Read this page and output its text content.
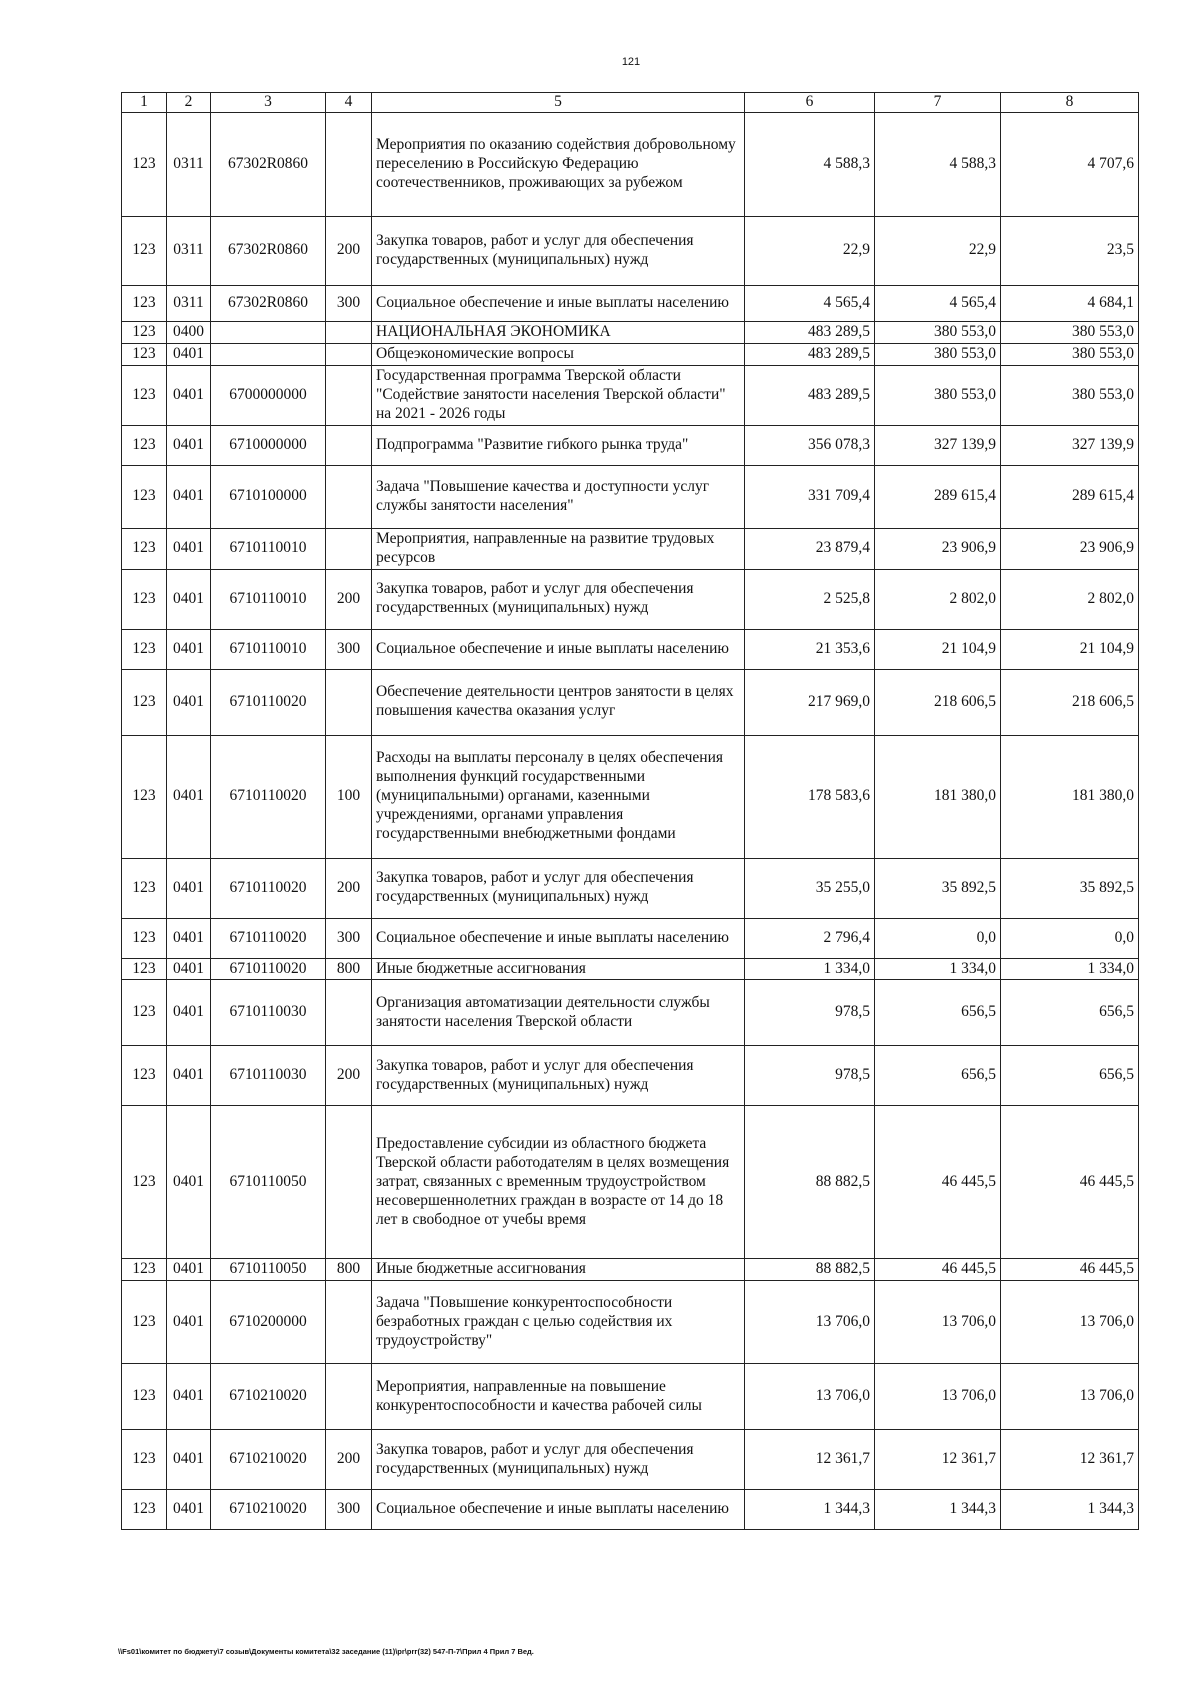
121
1	2	3	4	5	6	7	8
123	0311	67302R0860		Мероприятия по оказанию содействия добровольному переселению в Российскую Федерацию соотечественников, проживающих за рубежом	4 588,3	4 588,3	4 707,6
123	0311	67302R0860	200	Закупка товаров, работ и услуг для обеспечения государственных (муниципальных) нужд	22,9	22,9	23,5
123	0311	67302R0860	300	Социальное обеспечение и иные выплаты населению	4 565,4	4 565,4	4 684,1
123	0400			НАЦИОНАЛЬНАЯ ЭКОНОМИКА	483 289,5	380 553,0	380 553,0
123	0401			Общеэкономические вопросы	483 289,5	380 553,0	380 553,0
123	0401	6700000000		Государственная программа Тверской области "Содействие занятости населения Тверской области" на 2021 - 2026 годы	483 289,5	380 553,0	380 553,0
123	0401	6710000000		Подпрограмма "Развитие гибкого рынка труда"	356 078,3	327 139,9	327 139,9
123	0401	6710100000		Задача "Повышение качества и доступности услуг службы занятости населения"	331 709,4	289 615,4	289 615,4
123	0401	6710110010		Мероприятия, направленные на развитие трудовых ресурсов	23 879,4	23 906,9	23 906,9
123	0401	6710110010	200	Закупка товаров, работ и услуг для обеспечения государственных (муниципальных) нужд	2 525,8	2 802,0	2 802,0
123	0401	6710110010	300	Социальное обеспечение и иные выплаты населению	21 353,6	21 104,9	21 104,9
123	0401	6710110020		Обеспечение деятельности центров занятости в целях повышения качества оказания услуг	217 969,0	218 606,5	218 606,5
123	0401	6710110020	100	Расходы на выплаты персоналу в целях обеспечения выполнения функций государственными (муниципальными) органами, казенными учреждениями, органами управления государственными внебюджетными фондами	178 583,6	181 380,0	181 380,0
123	0401	6710110020	200	Закупка товаров, работ и услуг для обеспечения государственных (муниципальных) нужд	35 255,0	35 892,5	35 892,5
123	0401	6710110020	300	Социальное обеспечение и иные выплаты населению	2 796,4	0,0	0,0
123	0401	6710110020	800	Иные бюджетные ассигнования	1 334,0	1 334,0	1 334,0
123	0401	6710110030		Организация автоматизации деятельности службы занятости населения Тверской области	978,5	656,5	656,5
123	0401	6710110030	200	Закупка товаров, работ и услуг для обеспечения государственных (муниципальных) нужд	978,5	656,5	656,5
123	0401	6710110050		Предоставление субсидии из областного бюджета Тверской области работодателям в целях возмещения затрат, связанных с временным трудоустройством несовершеннолетних граждан в возрасте от 14 до 18 лет в свободное от учебы время	88 882,5	46 445,5	46 445,5
123	0401	6710110050	800	Иные бюджетные ассигнования	88 882,5	46 445,5	46 445,5
123	0401	6710200000		Задача "Повышение конкурентоспособности безработных граждан с целью содействия их трудоустройству"	13 706,0	13 706,0	13 706,0
123	0401	6710210020		Мероприятия, направленные на повышение конкурентоспособности и качества рабочей силы	13 706,0	13 706,0	13 706,0
123	0401	6710210020	200	Закупка товаров, работ и услуг для обеспечения государственных (муниципальных) нужд	12 361,7	12 361,7	12 361,7
123	0401	6710210020	300	Социальное обеспечение и иные выплаты населению	1 344,3	1 344,3	1 344,3
\\Fs01\комитет по бюджету\7 созыв\Документы комитета\32 заседание (11)\pr\prг(32) 547-П-7\Прил 4 Прил 7 Вед.
